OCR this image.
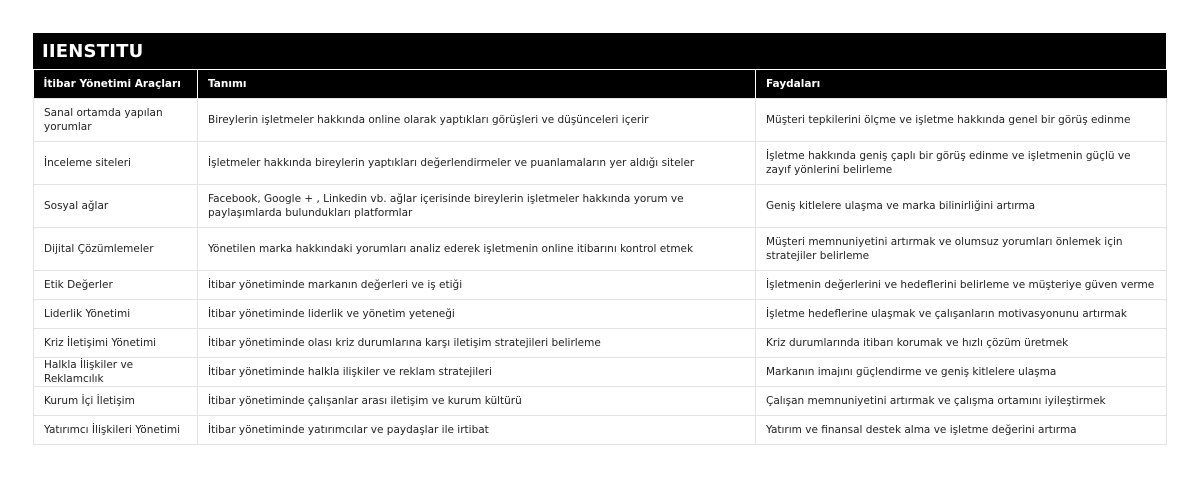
IIENSTITU
İtibar Yönetimi Araçları	Tanımı	Faydaları
Sanal ortamda yapılan yorumlar	Bireylerin işletmeler hakkında online olarak yaptıkları görüşleri ve düşünceleri içerir	Müşteri tepkilerini ölçme ve işletme hakkında genel bir görüş edinme
İnceleme siteleri	İşletmeler hakkında bireylerin yaptıkları değerlendirmeler ve puanlamaların yer aldığı siteler	İşletme hakkında geniş çaplı bir görüş edinme ve işletmenin güçlü ve zayıf yönlerini belirleme
Sosyal ağlar	Facebook, Google + , Linkedin vb. ağlar içerisinde bireylerin işletmeler hakkında yorum ve paylaşımlarda bulundukları platformlar	Geniş kitlelere ulaşma ve marka bilinirliğini artırma
Dijital Çözümlemeler	Yönetilen marka hakkındaki yorumları analiz ederek işletmenin online itibarını kontrol etmek	Müşteri memnuniyetini artırmak ve olumsuz yorumları önlemek için stratejiler belirleme
Etik Değerler	İtibar yönetiminde markanın değerleri ve iş etiği	İşletmenin değerlerini ve hedeflerini belirleme ve müşteriye güven verme
Liderlik Yönetimi	İtibar yönetiminde liderlik ve yönetim yeteneği	İşletme hedeflerine ulaşmak ve çalışanların motivasyonunu artırmak
Kriz İletişimi Yönetimi	İtibar yönetiminde olası kriz durumlarına karşı iletişim stratejileri belirleme	Kriz durumlarında itibarı korumak ve hızlı çözüm üretmek
Halkla İlişkiler ve Reklamcılık	İtibar yönetiminde halkla ilişkiler ve reklam stratejileri	Markanın imajını güçlendirme ve geniş kitlelere ulaşma
Kurum İçi İletişim	İtibar yönetiminde çalışanlar arası iletişim ve kurum kültürü	Çalışan memnuniyetini artırmak ve çalışma ortamını iyileştirmek
Yatırımcı İlişkileri Yönetimi	İtibar yönetiminde yatırımcılar ve paydaşlar ile irtibat	Yatırım ve finansal destek alma ve işletme değerini artırma
